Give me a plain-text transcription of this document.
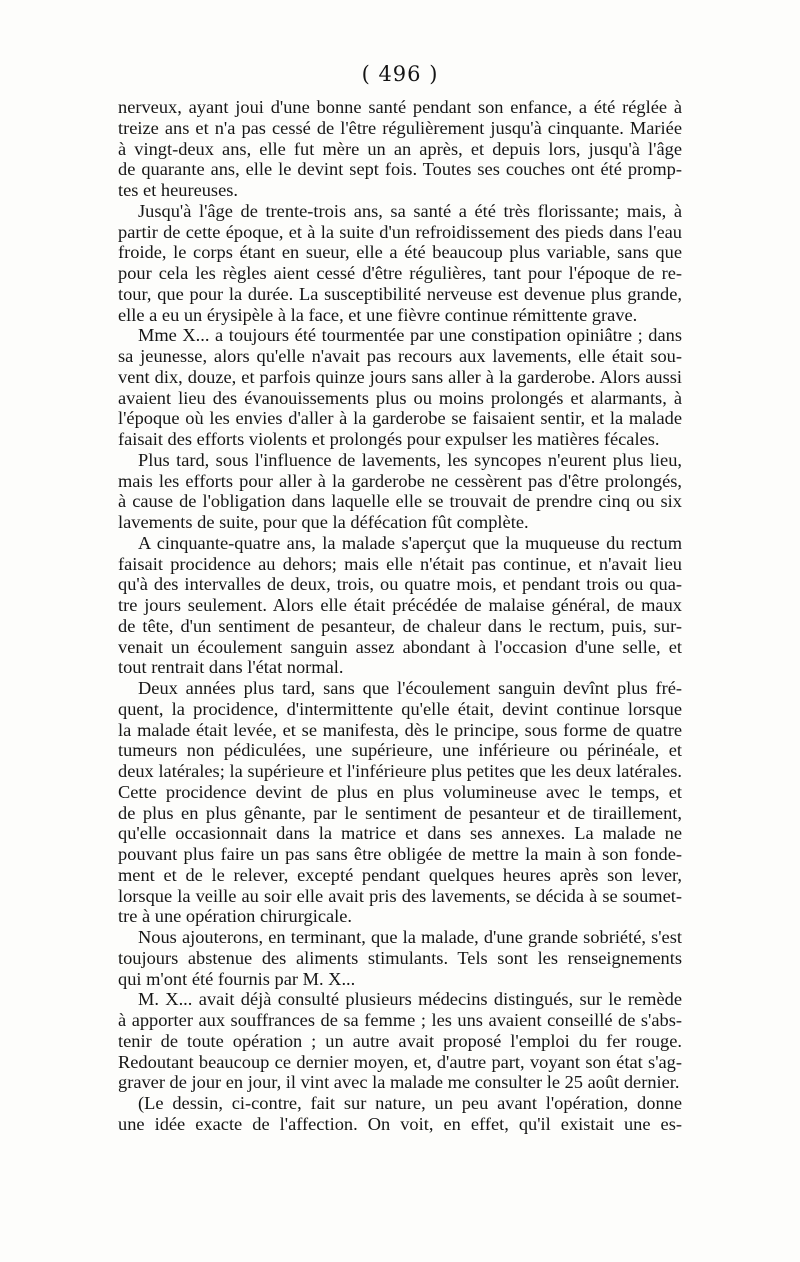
( 496 )
nerveux, ayant joui d'une bonne santé pendant son enfance, a été réglée à
treize ans et n'a pas cessé de l'être régulièrement jusqu'à cinquante. Mariée
à vingt-deux ans, elle fut mère un an après, et depuis lors, jusqu'à l'âge
de quarante ans, elle le devint sept fois. Toutes ses couches ont été promp-
tes et heureuses.
Jusqu'à l'âge de trente-trois ans, sa santé a été très florissante; mais, à
partir de cette époque, et à la suite d'un refroidissement des pieds dans l'eau
froide, le corps étant en sueur, elle a été beaucoup plus variable, sans que
pour cela les règles aient cessé d'être régulières, tant pour l'époque de re-
tour, que pour la durée. La susceptibilité nerveuse est devenue plus grande,
elle a eu un érysipèle à la face, et une fièvre continue rémittente grave.
Mme X... a toujours été tourmentée par une constipation opiniâtre ; dans
sa jeunesse, alors qu'elle n'avait pas recours aux lavements, elle était sou-
vent dix, douze, et parfois quinze jours sans aller à la garderobe. Alors aussi
avaient lieu des évanouissements plus ou moins prolongés et alarmants, à
l'époque où les envies d'aller à la garderobe se faisaient sentir, et la malade
faisait des efforts violents et prolongés pour expulser les matières fécales.
Plus tard, sous l'influence de lavements, les syncopes n'eurent plus lieu,
mais les efforts pour aller à la garderobe ne cessèrent pas d'être prolongés,
à cause de l'obligation dans laquelle elle se trouvait de prendre cinq ou six
lavements de suite, pour que la défécation fût complète.
A cinquante-quatre ans, la malade s'aperçut que la muqueuse du rectum
faisait procidence au dehors; mais elle n'était pas continue, et n'avait lieu
qu'à des intervalles de deux, trois, ou quatre mois, et pendant trois ou qua-
tre jours seulement. Alors elle était précédée de malaise général, de maux
de tête, d'un sentiment de pesanteur, de chaleur dans le rectum, puis, sur-
venait un écoulement sanguin assez abondant à l'occasion d'une selle, et
tout rentrait dans l'état normal.
Deux années plus tard, sans que l'écoulement sanguin devînt plus fré-
quent, la procidence, d'intermittente qu'elle était, devint continue lorsque
la malade était levée, et se manifesta, dès le principe, sous forme de quatre
tumeurs non pédiculées, une supérieure, une inférieure ou périnéale, et
deux latérales; la supérieure et l'inférieure plus petites que les deux latérales.
Cette procidence devint de plus en plus volumineuse avec le temps, et
de plus en plus gênante, par le sentiment de pesanteur et de tiraillement,
qu'elle occasionnait dans la matrice et dans ses annexes. La malade ne
pouvant plus faire un pas sans être obligée de mettre la main à son fonde-
ment et de le relever, excepté pendant quelques heures après son lever,
lorsque la veille au soir elle avait pris des lavements, se décida à se soumet-
tre à une opération chirurgicale.
Nous ajouterons, en terminant, que la malade, d'une grande sobriété, s'est
toujours abstenue des aliments stimulants. Tels sont les renseignements
qui m'ont été fournis par M. X...
M. X... avait déjà consulté plusieurs médecins distingués, sur le remède
à apporter aux souffrances de sa femme ; les uns avaient conseillé de s'abs-
tenir de toute opération ; un autre avait proposé l'emploi du fer rouge.
Redoutant beaucoup ce dernier moyen, et, d'autre part, voyant son état s'ag-
graver de jour en jour, il vint avec la malade me consulter le 25 août dernier.
(Le dessin, ci-contre, fait sur nature, un peu avant l'opération, donne
une idée exacte de l'affection. On voit, en effet, qu'il existait une es-
